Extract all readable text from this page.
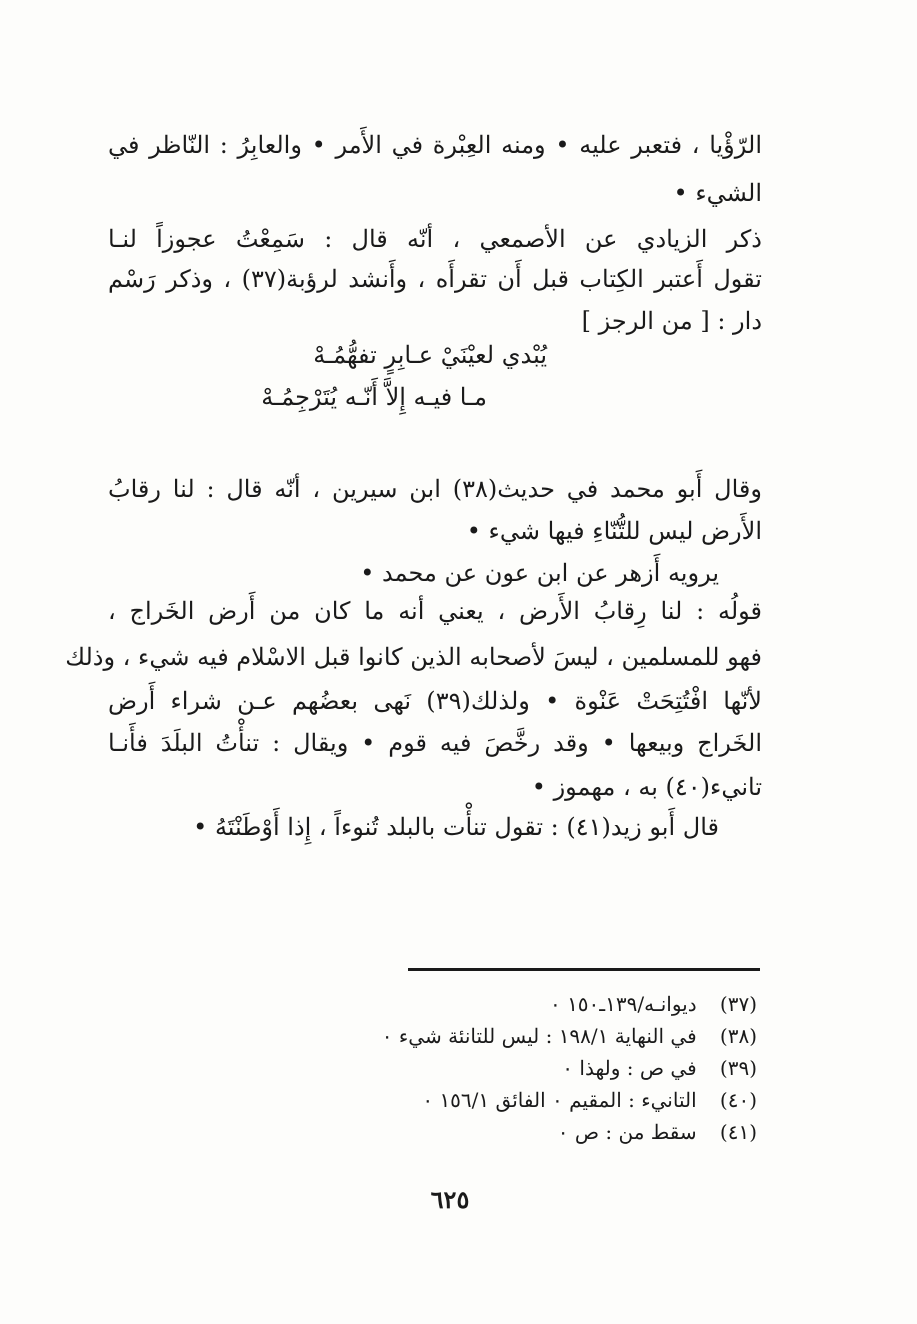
الرّؤْيا ، فتعبر عليه • ومنه العِبْرة في الأَمر • والعابِرُ : النّاظر في
الشيء •
ذكر الزيادي عن الأصمعي ، أنّه قال : سَمِعْتُ عجوزاً لنـا
تقول أَعتبر الكِتاب قبل أَن تقرأَه ، وأَنشد لرؤبة(٣٧) ، وذكر رَسْم
دار : [ من الرجز ]
يُبْدي لعيْنَيْ عـابِرٍ تفهُّمُـهْ
مـا فيـه إِلاَّ أَنّـه يُتَرْجِمُـهْ
وقال أَبو محمد في حديث(٣٨) ابن سيرين ، أنّه قال : لنا رقابُ
الأَرض ليس للتُّنّاءِ فيها شيء •
يرويه أَزهر عن ابن عون عن محمد •
قولُه : لنا رِقابُ الأَرض ، يعني أنه ما كان من أَرض الخَراج ،
فهو للمسلمين ، ليسَ لأصحابه الذين كانوا قبل الاسْلام فيه شيء ، وذلك
لأنّها افْتُتِحَتْ عَنْوة • ولذلك(٣٩) نَهى بعضُهم عـن شراء أَرض
الخَراج وبيعها • وقد رخَّصَ فيه قوم • ويقال : تنأْتُ البلَدَ فأَنـا
تانيء(٤٠) به ، مهموز •
قال أَبو زيد(٤١) : تقول تنأْت بالبلد تُنوءاً ، إِذا أَوْطَنْتَهُ •
(٣٧) ديوانـه/١٣٩ـ١٥٠ ٠
(٣٨) في النهاية ١٩٨/١ : ليس للتانئة شيء ٠
(٣٩) في ص : ولهذا ٠
(٤٠) التانيء : المقيم ٠ الفائق ١٥٦/١ ٠
(٤١) سقط من : ص ٠
٦٢٥
